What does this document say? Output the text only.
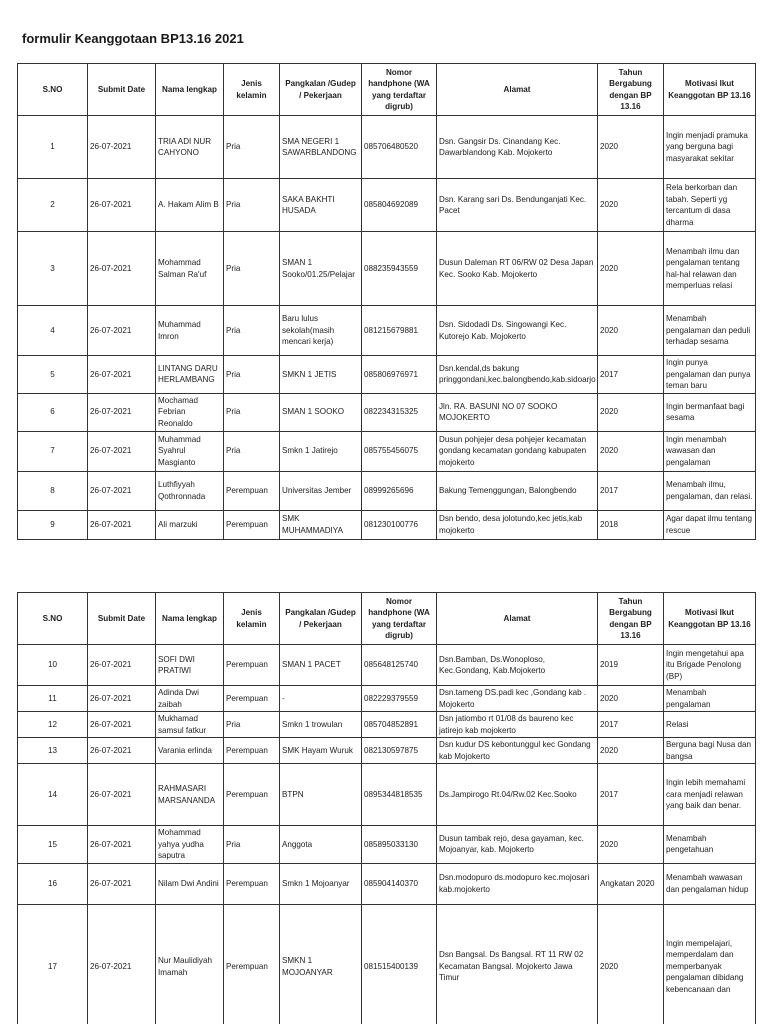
formulir Keanggotaan BP13.16 2021
S.NO	Submit Date	Nama lengkap	Jenis kelamin	Pangkalan /Gudep / Pekerjaan	Nomor handphone (WA yang terdaftar digrub)	Alamat	Tahun Bergabung dengan BP 13.16	Motivasi Ikut Keanggotan BP 13.16
1	26-07-2021	TRIA ADI NUR CAHYONO	Pria	SMA NEGERI 1 SAWARBLANDONG	085706480520	Dsn. Gangsir Ds. Cinandang Kec. Dawarblandong Kab. Mojokerto	2020	Ingin menjadi pramuka yang berguna bagi masyarakat sekitar
2	26-07-2021	A. Hakam Alim B	Pria	SAKA BAKHTI HUSADA	085804692089	Dsn. Karang sari Ds. Bendunganjati Kec. Pacet	2020	Rela berkorban dan tabah. Seperti yg tercantum di dasa dharma
3	26-07-2021	Mohammad Salman Ra'uf	Pria	SMAN 1 Sooko/01.25/Pelajar	088235943559	Dusun Daleman RT 06/RW 02 Desa Japan Kec. Sooko Kab. Mojokerto	2020	Menambah ilmu dan pengalaman tentang hal-hal relawan dan memperluas relasi
4	26-07-2021	Muhammad Imron	Pria	Baru lulus sekolah(masih mencari kerja)	081215679881	Dsn. Sidodadi Ds. Singowangi Kec. Kutorejo Kab. Mojokerto	2020	Menambah pengalaman dan peduli terhadap sesama
5	26-07-2021	LINTANG DARU HERLAMBANG	Pria	SMKN 1 JETIS	085806976971	Dsn.kendal,ds bakung pringgondani,kec.balongbendo,kab.sidoarjo	2017	Ingin punya pengalaman dan punya teman baru
6	26-07-2021	Mochamad Febrian Reonaldo	Pria	SMAN 1 SOOKO	082234315325	Jln. RA. BASUNI NO 07 SOOKO MOJOKERTO	2020	Ingin bermanfaat bagi sesama
7	26-07-2021	Muhammad Syahrul Masgianto	Pria	Smkn 1 Jatirejo	085755456075	Dusun pohjejer desa pohjejer kecamatan gondang kecamatan gondang kabupaten mojokerto	2020	Ingin menambah wawasan dan pengalaman
8	26-07-2021	Luthfiyyah Qothronnada	Perempuan	Universitas Jember	08999265696	Bakung Temenggungan, Balongbendo	2017	Menambah ilmu, pengalaman, dan relasi.
9	26-07-2021	Ali marzuki	Perempuan	SMK MUHAMMADIYA	081230100776	Dsn bendo, desa jolotundo,kec jetis,kab mojokerto	2018	Agar dapat ilmu tentang rescue
S.NO	Submit Date	Nama lengkap	Jenis kelamin	Pangkalan /Gudep / Pekerjaan	Nomor handphone (WA yang terdaftar digrub)	Alamat	Tahun Bergabung dengan BP 13.16	Motivasi Ikut Keanggotan BP 13.16
10	26-07-2021	SOFI DWI PRATIWI	Perempuan	SMAN 1 PACET	085648125740	Dsn.Bamban, Ds.Wonoploso, Kec.Gondang, Kab.Mojokerto	2019	Ingin mengetahui apa itu Brigade Penolong (BP)
11	26-07-2021	Adinda Dwi zaibah	Perempuan	-	082229379559	Dsn.tameng DS.padi kec ,Gondang kab . Mojokerto	2020	Menambah pengalaman
12	26-07-2021	Mukhamad samsul fatkur	Pria	Smkn 1 trowulan	085704852891	Dsn jatiombo rt 01/08 ds baureno kec jatirejo kab mojokerto	2017	Relasi
13	26-07-2021	Varania erlinda	Perempuan	SMK Hayam Wuruk	082130597875	Dsn kudur DS kebontunggul kec Gondang kab Mojokerto	2020	Berguna bagi Nusa dan bangsa
14	26-07-2021	RAHMASARI MARSANANDA	Perempuan	BTPN	0895344818535	Ds.Jampirogo Rt.04/Rw.02 Kec.Sooko	2017	Ingin lebih memahami cara menjadi relawan yang baik dan benar.
15	26-07-2021	Mohammad yahya yudha saputra	Pria	Anggota	085895033130	Dusun tambak rejo, desa gayaman, kec. Mojoanyar, kab. Mojokerto	2020	Menambah pengetahuan
16	26-07-2021	Nilam Dwi Andini	Perempuan	Smkn 1 Mojoanyar	085904140370	Dsn.modopuro ds.modopuro kec.mojosari kab.mojokerto	Angkatan 2020	Menambah wawasan dan pengalaman hidup
17	26-07-2021	Nur Maulidiyah Imamah	Perempuan	SMKN 1 MOJOANYAR	081515400139	Dsn Bangsal. Ds Bangsal. RT 11 RW 02 Kecamatan Bangsal. Mojokerto Jawa Timur	2020	Ingin mempelajari, memperdalam dan memperbanyak pengalaman dibidang kebencanaan dan
